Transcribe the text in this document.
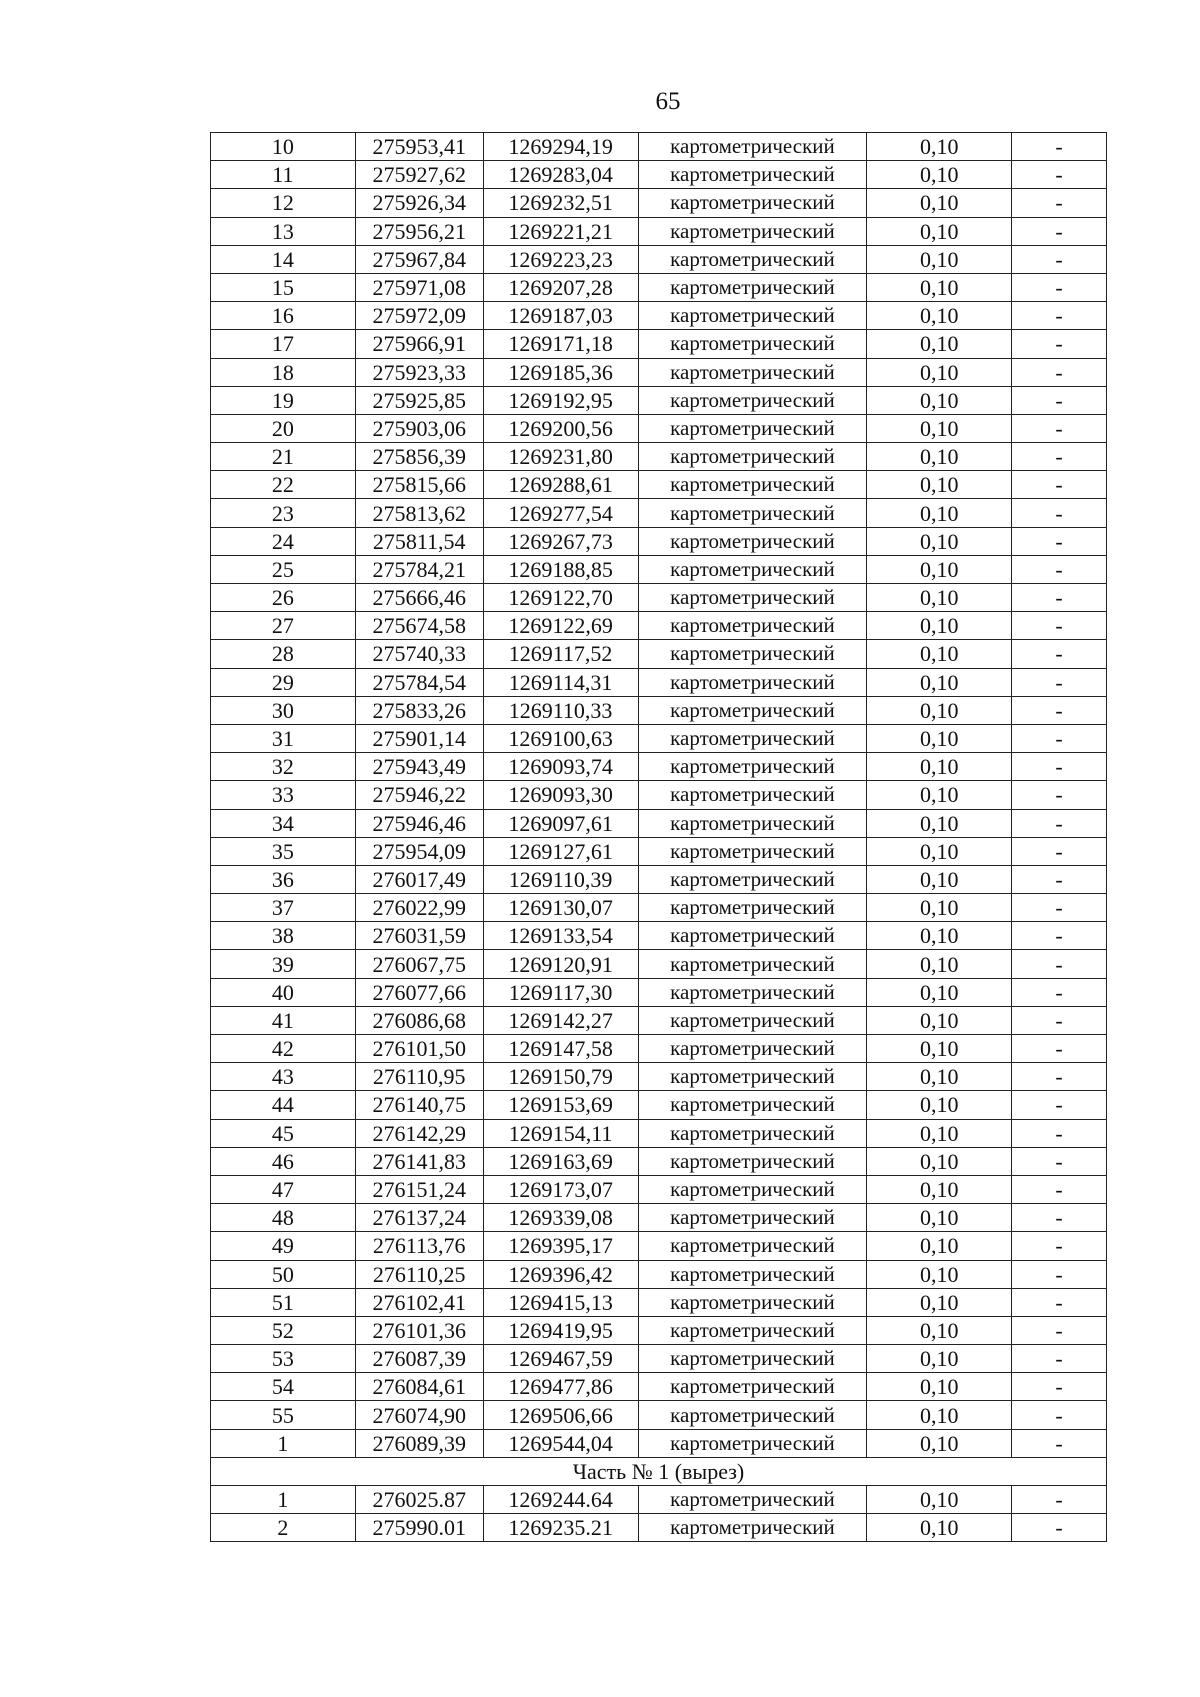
65
10	275953,41	1269294,19	картометрический	0,10	-
11	275927,62	1269283,04	картометрический	0,10	-
12	275926,34	1269232,51	картометрический	0,10	-
13	275956,21	1269221,21	картометрический	0,10	-
14	275967,84	1269223,23	картометрический	0,10	-
15	275971,08	1269207,28	картометрический	0,10	-
16	275972,09	1269187,03	картометрический	0,10	-
17	275966,91	1269171,18	картометрический	0,10	-
18	275923,33	1269185,36	картометрический	0,10	-
19	275925,85	1269192,95	картометрический	0,10	-
20	275903,06	1269200,56	картометрический	0,10	-
21	275856,39	1269231,80	картометрический	0,10	-
22	275815,66	1269288,61	картометрический	0,10	-
23	275813,62	1269277,54	картометрический	0,10	-
24	275811,54	1269267,73	картометрический	0,10	-
25	275784,21	1269188,85	картометрический	0,10	-
26	275666,46	1269122,70	картометрический	0,10	-
27	275674,58	1269122,69	картометрический	0,10	-
28	275740,33	1269117,52	картометрический	0,10	-
29	275784,54	1269114,31	картометрический	0,10	-
30	275833,26	1269110,33	картометрический	0,10	-
31	275901,14	1269100,63	картометрический	0,10	-
32	275943,49	1269093,74	картометрический	0,10	-
33	275946,22	1269093,30	картометрический	0,10	-
34	275946,46	1269097,61	картометрический	0,10	-
35	275954,09	1269127,61	картометрический	0,10	-
36	276017,49	1269110,39	картометрический	0,10	-
37	276022,99	1269130,07	картометрический	0,10	-
38	276031,59	1269133,54	картометрический	0,10	-
39	276067,75	1269120,91	картометрический	0,10	-
40	276077,66	1269117,30	картометрический	0,10	-
41	276086,68	1269142,27	картометрический	0,10	-
42	276101,50	1269147,58	картометрический	0,10	-
43	276110,95	1269150,79	картометрический	0,10	-
44	276140,75	1269153,69	картометрический	0,10	-
45	276142,29	1269154,11	картометрический	0,10	-
46	276141,83	1269163,69	картометрический	0,10	-
47	276151,24	1269173,07	картометрический	0,10	-
48	276137,24	1269339,08	картометрический	0,10	-
49	276113,76	1269395,17	картометрический	0,10	-
50	276110,25	1269396,42	картометрический	0,10	-
51	276102,41	1269415,13	картометрический	0,10	-
52	276101,36	1269419,95	картометрический	0,10	-
53	276087,39	1269467,59	картометрический	0,10	-
54	276084,61	1269477,86	картометрический	0,10	-
55	276074,90	1269506,66	картометрический	0,10	-
1	276089,39	1269544,04	картометрический	0,10	-
Часть № 1 (вырез)					
1	276025.87	1269244.64	картометрический	0,10	-
2	275990.01	1269235.21	картометрический	0,10	-
